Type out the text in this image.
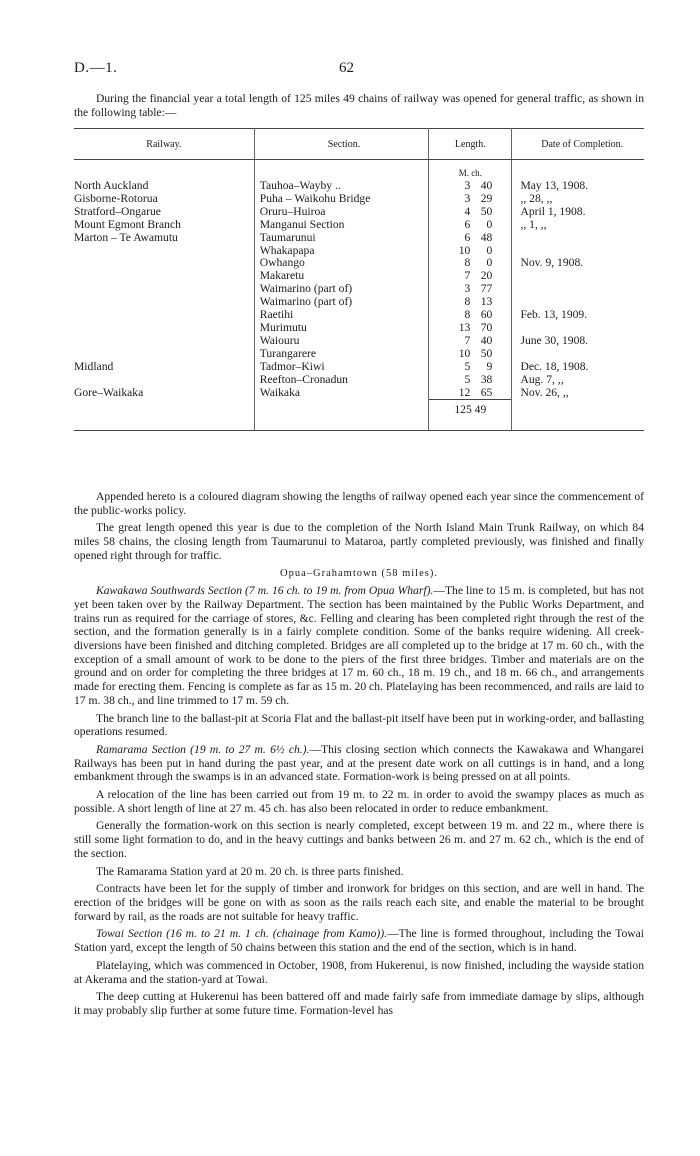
D.—1.	62
During the financial year a total length of 125 miles 49 chains of railway was opened for general traffic, as shown in the following table:—
Railway.	Section.	Length.	Date of Completion.

		M. ch.	
North Auckland	Tauhoa–Wayby ..	3 40	May 13, 1908.
Gisborne-Rotorua	Puha – Waikohu Bridge	3 29	,, 28, ,,
Stratford–Ongarue	Oruru–Huiroa	4 50	April 1, 1908.
Mount Egmont Branch	Manganui Section	6 0	,, 1, ,,
Marton – Te Awamutu	Taumarunui	6 48	
	Whakapapa	10 0	
	Owhango	8 0	Nov. 9, 1908.
	Makaretu	7 20	
	Waimarino (part of)	3 77	
	Waimarino (part of)	8 13	
	Raetihi	8 60	Feb. 13, 1909.
	Murimutu	13 70	
	Waiouru	7 40	June 30, 1908.
	Turangarere	10 50	
Midland	Tadmor–Kiwi	5 9	Dec. 18, 1908.
	Reefton–Cronadun	5 38	Aug. 7, ,,
Gore–Waikaka	Waikaka	12 65	Nov. 26, ,,
		125 49	

Appended hereto is a coloured diagram showing the lengths of railway opened each year since the commencement of the public-works policy.

The great length opened this year is due to the completion of the North Island Main Trunk Railway, on which 84 miles 58 chains, the closing length from Taumarunui to Mataroa, partly completed previously, was finished and finally opened right through for traffic.

Opua–Grahamtown (58 miles).

Kawakawa Southwards Section (7 m. 16 ch. to 19 m. from Opua Wharf).—The line to 15 m. is completed, but has not yet been taken over by the Railway Department. The section has been maintained by the Public Works Department, and trains run as required for the carriage of stores, &c. Felling and clearing has been completed right through the rest of the section, and the formation generally is in a fairly complete condition. Some of the banks require widening. All creek-diversions have been finished and ditching completed. Bridges are all completed up to the bridge at 17 m. 60 ch., with the exception of a small amount of work to be done to the piers of the first three bridges. Timber and materials are on the ground and on order for completing the three bridges at 17 m. 60 ch., 18 m. 19 ch., and 18 m. 66 ch., and arrangements made for erecting them. Fencing is complete as far as 15 m. 20 ch. Platelaying has been recommenced, and rails are laid to 17 m. 38 ch., and line trimmed to 17 m. 59 ch.

The branch line to the ballast-pit at Scoria Flat and the ballast-pit itself have been put in working-order, and ballasting operations resumed.

Ramarama Section (19 m. to 27 m. 6½ ch.).—This closing section which connects the Kawakawa and Whangarei Railways has been put in hand during the past year, and at the present date work on all cuttings is in hand, and a long embankment through the swamps is in an advanced state. Formation-work is being pressed on at all points.

A relocation of the line has been carried out from 19 m. to 22 m. in order to avoid the swampy places as much as possible. A short length of line at 27 m. 45 ch. has also been relocated in order to reduce embankment.

Generally the formation-work on this section is nearly completed, except between 19 m. and 22 m., where there is still some light formation to do, and in the heavy cuttings and banks between 26 m. and 27 m. 62 ch., which is the end of the section.

The Ramarama Station yard at 20 m. 20 ch. is three parts finished.

Contracts have been let for the supply of timber and ironwork for bridges on this section, and are well in hand. The erection of the bridges will be gone on with as soon as the rails reach each site, and enable the material to be brought forward by rail, as the roads are not suitable for heavy traffic.

Towai Section (16 m. to 21 m. 1 ch. (chainage from Kamo)).—The line is formed throughout, including the Towai Station yard, except the length of 50 chains between this station and the end of the section, which is in hand.

Platelaying, which was commenced in October, 1908, from Hukerenui, is now finished, including the wayside station at Akerama and the station-yard at Towai.

The deep cutting at Hukerenui has been battered off and made fairly safe from immediate damage by slips, although it may probably slip further at some future time. Formation-level has
